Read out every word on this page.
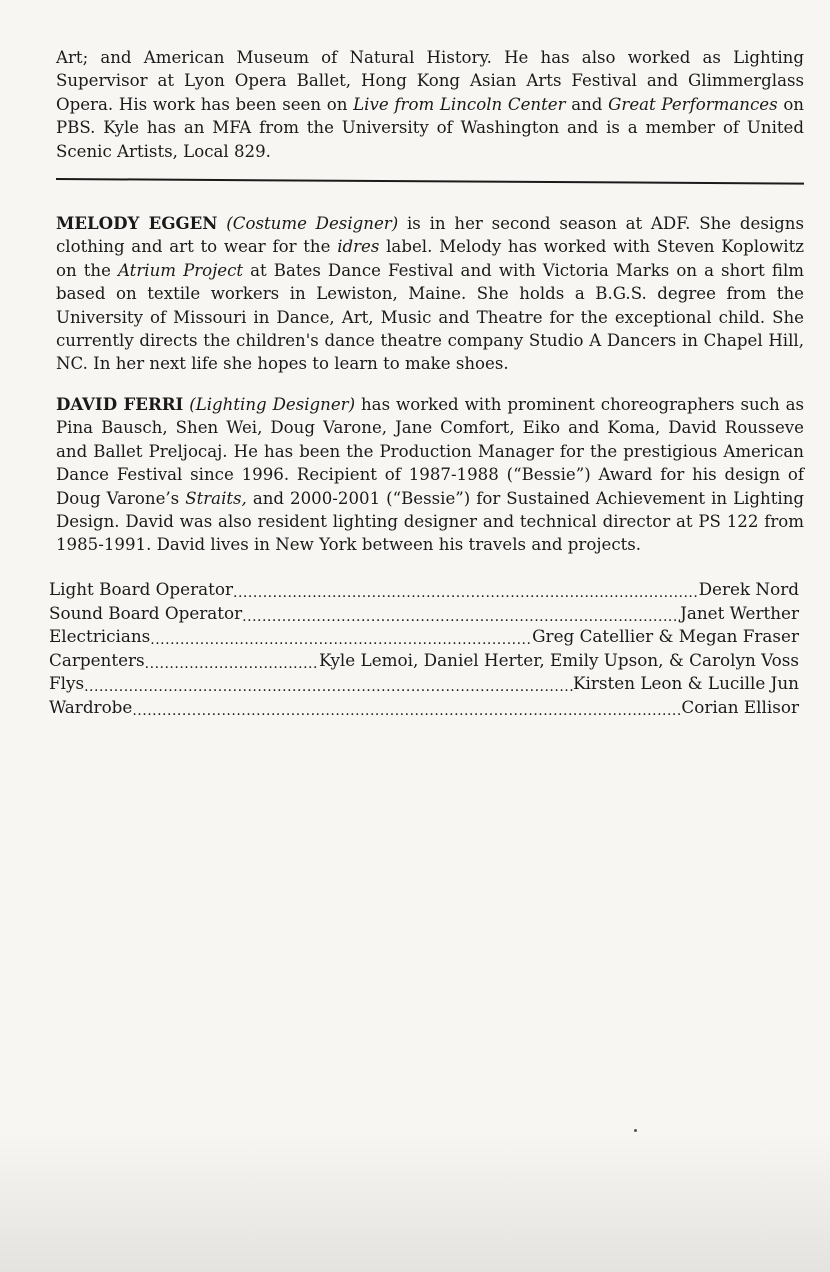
Art; and American Museum of Natural History. He has also worked as Lighting Supervisor at Lyon Opera Ballet, Hong Kong Asian Arts Festival and Glimmerglass Opera. His work has been seen on Live from Lincoln Center and Great Performances on PBS. Kyle has an MFA from the University of Washington and is a member of United Scenic Artists, Local 829.

MELODY EGGEN (Costume Designer) is in her second season at ADF. She designs clothing and art to wear for the idres label. Melody has worked with Steven Koplowitz on the Atrium Project at Bates Dance Festival and with Victoria Marks on a short film based on textile workers in Lewiston, Maine. She holds a B.G.S. degree from the University of Missouri in Dance, Art, Music and Theatre for the exceptional child. She currently directs the children's dance theatre company Studio A Dancers in Chapel Hill, NC. In her next life she hopes to learn to make shoes.

DAVID FERRI (Lighting Designer) has worked with prominent choreographers such as Pina Bausch, Shen Wei, Doug Varone, Jane Comfort, Eiko and Koma, David Rousseve and Ballet Preljocaj. He has been the Production Manager for the prestigious American Dance Festival since 1996. Recipient of 1987-1988 (“Bessie”) Award for his design of Doug Varone’s Straits, and 2000-2001 (“Bessie”) for Sustained Achievement in Lighting Design. David was also resident lighting designer and technical director at PS 122 from 1985-1991. David lives in New York between his travels and projects.

Light Board Operator .....	Derek Nord
Sound Board Operator .....	Janet Werther
Electricians .....	Greg Catellier & Megan Fraser
Carpenters .....	Kyle Lemoi, Daniel Herter, Emily Upson, & Carolyn Voss
Flys .....	Kirsten Leon & Lucille Jun
Wardrobe .....	Corian Ellisor
